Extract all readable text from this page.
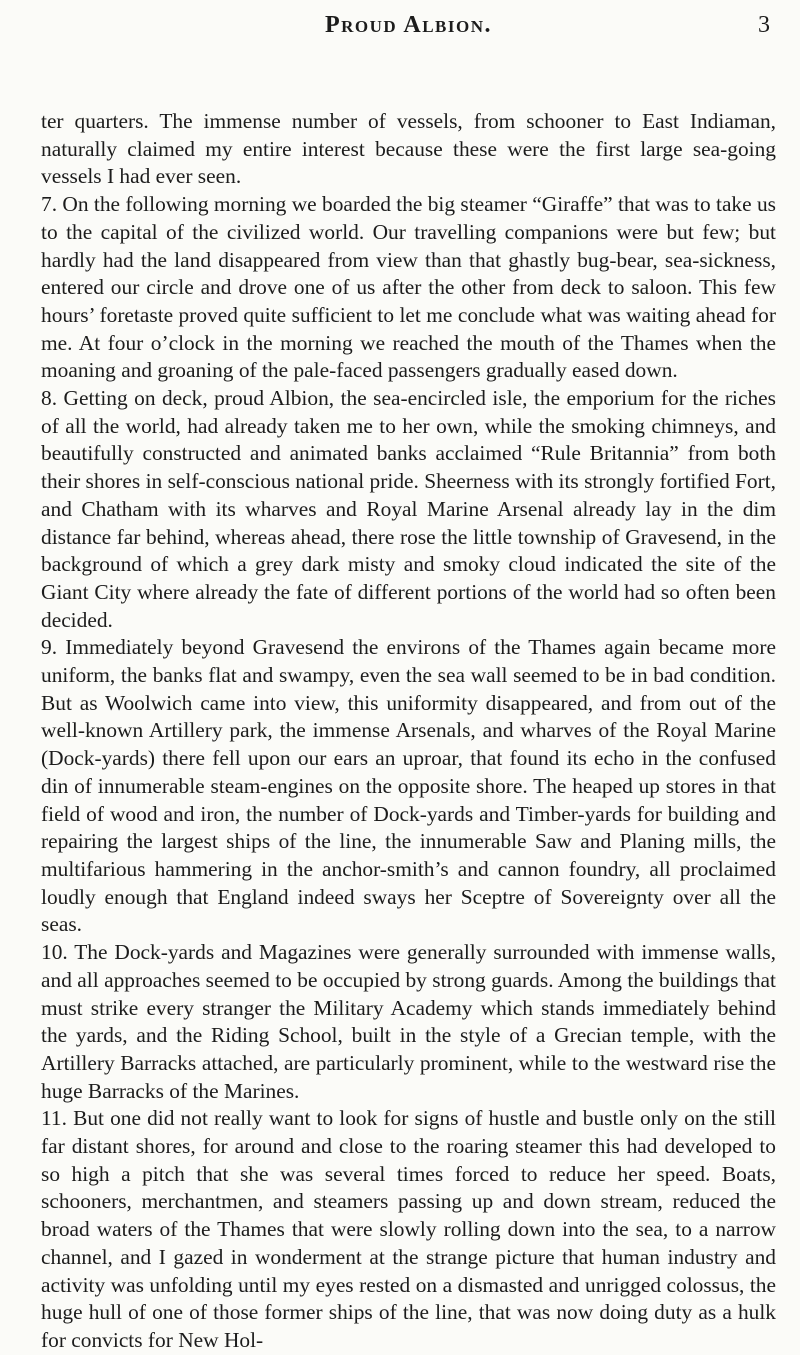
Proud Albion.	3

ter quarters. The immense number of vessels, from schooner to East Indiaman, naturally claimed my entire interest because these were the first large sea-going vessels I had ever seen.

7. On the following morning we boarded the big steamer “Giraffe” that was to take us to the capital of the civilized world. Our travelling companions were but few; but hardly had the land disappeared from view than that ghastly bug-bear, sea-sickness, entered our circle and drove one of us after the other from deck to saloon. This few hours’ foretaste proved quite sufficient to let me conclude what was waiting ahead for me. At four o’clock in the morning we reached the mouth of the Thames when the moaning and groaning of the pale-faced passengers gradually eased down.

8. Getting on deck, proud Albion, the sea-encircled isle, the emporium for the riches of all the world, had already taken me to her own, while the smoking chimneys, and beautifully constructed and animated banks acclaimed “Rule Britannia” from both their shores in self-conscious national pride. Sheerness with its strongly fortified Fort, and Chatham with its wharves and Royal Marine Arsenal already lay in the dim distance far behind, whereas ahead, there rose the little township of Gravesend, in the background of which a grey dark misty and smoky cloud indicated the site of the Giant City where already the fate of different portions of the world had so often been decided.

9. Immediately beyond Gravesend the environs of the Thames again became more uniform, the banks flat and swampy, even the sea wall seemed to be in bad condition. But as Woolwich came into view, this uniformity disappeared, and from out of the well-known Artillery park, the immense Arsenals, and wharves of the Royal Marine (Dock-yards) there fell upon our ears an uproar, that found its echo in the confused din of innumerable steam-engines on the opposite shore. The heaped up stores in that field of wood and iron, the number of Dock-yards and Timber-yards for building and repairing the largest ships of the line, the innumerable Saw and Planing mills, the multifarious hammering in the anchor-smith’s and cannon foundry, all proclaimed loudly enough that England indeed sways her Sceptre of Sovereignty over all the seas.

10. The Dock-yards and Magazines were generally surrounded with immense walls, and all approaches seemed to be occupied by strong guards. Among the buildings that must strike every stranger the Military Academy which stands immediately behind the yards, and the Riding School, built in the style of a Grecian temple, with the Artillery Barracks attached, are particularly prominent, while to the westward rise the huge Barracks of the Marines.

11. But one did not really want to look for signs of hustle and bustle only on the still far distant shores, for around and close to the roaring steamer this had developed to so high a pitch that she was several times forced to reduce her speed. Boats, schooners, merchantmen, and steamers passing up and down stream, reduced the broad waters of the Thames that were slowly rolling down into the sea, to a narrow channel, and I gazed in wonderment at the strange picture that human industry and activity was unfolding until my eyes rested on a dismasted and unrigged colossus, the huge hull of one of those former ships of the line, that was now doing duty as a hulk for convicts for New Hol-
